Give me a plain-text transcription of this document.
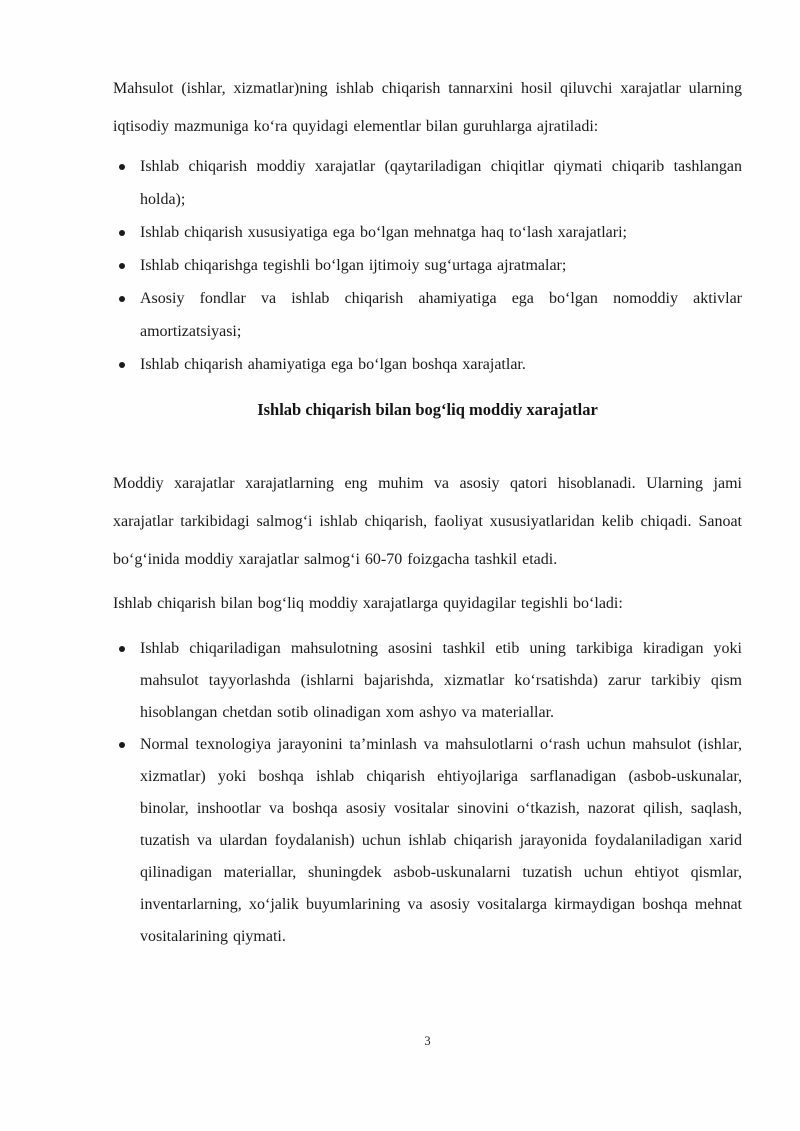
Mahsulot (ishlar, xizmatlar)ning ishlab chiqarish tannarxini hosil qiluvchi xarajatlar ularning iqtisodiy mazmuniga ko‘ra quyidagi elementlar bilan guruhlarga ajratiladi:

Ishlab chiqarish moddiy xarajatlar (qaytariladigan chiqitlar qiymati chiqarib tashlangan holda);
Ishlab chiqarish xususiyatiga ega bo‘lgan mehnatga haq to‘lash xarajatlari;
Ishlab chiqarishga tegishli bo‘lgan ijtimoiy sug‘urtaga ajratmalar;
Asosiy fondlar va ishlab chiqarish ahamiyatiga ega bo‘lgan nomoddiy aktivlar amortizatsiyasi;
Ishlab chiqarish ahamiyatiga ega bo‘lgan boshqa xarajatlar.
Ishlab chiqarish bilan bog‘liq moddiy xarajatlar

Moddiy xarajatlar xarajatlarning eng muhim va asosiy qatori hisoblanadi. Ularning jami xarajatlar tarkibidagi salmog‘i ishlab chiqarish, faoliyat xususiyatlaridan kelib chiqadi. Sanoat bo‘g‘inida moddiy xarajatlar salmog‘i 60-70 foizgacha tashkil etadi.

Ishlab chiqarish bilan bog‘liq moddiy xarajatlarga quyidagilar tegishli bo‘ladi:

Ishlab chiqariladigan mahsulotning asosini tashkil etib uning tarkibiga kiradigan yoki mahsulot tayyorlashda (ishlarni bajarishda, xizmatlar ko‘rsatishda) zarur tarkibiy qism hisoblangan chetdan sotib olinadigan xom ashyo va materiallar.
Normal texnologiya jarayonini ta’minlash va mahsulotlarni o‘rash uchun mahsulot (ishlar, xizmatlar) yoki boshqa ishlab chiqarish ehtiyojlariga sarflanadigan (asbob-uskunalar, binolar, inshootlar va boshqa asosiy vositalar sinovini o‘tkazish, nazorat qilish, saqlash, tuzatish va ulardan foydalanish) uchun ishlab chiqarish jarayonida foydalaniladigan xarid qilinadigan materiallar, shuningdek asbob-uskunalarni tuzatish uchun ehtiyot qismlar, inventarlarning, xo‘jalik buyumlarining va asosiy vositalarga kirmaydigan boshqa mehnat vositalarining qiymati.
3
